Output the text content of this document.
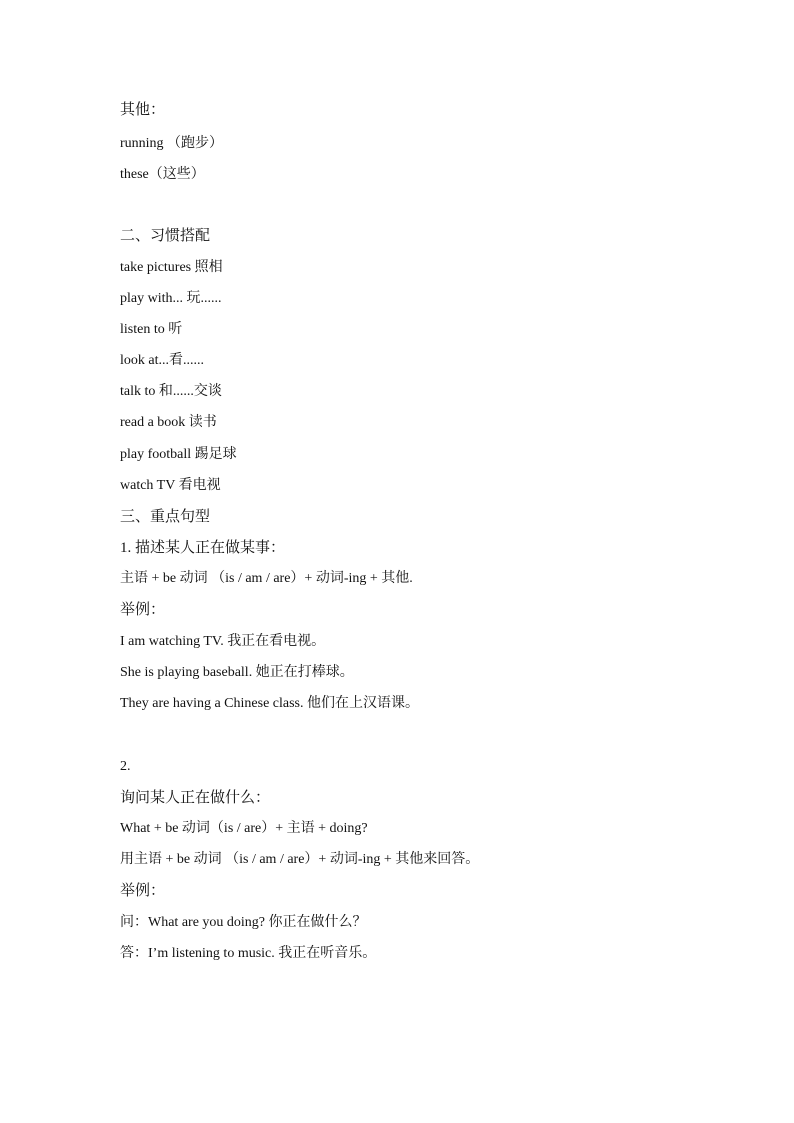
其他：
running （跑步）
these（这些）
二、习惯搭配
take pictures 照相
play with... 玩......
listen to 听
look at...看......
talk to 和......交谈
read a book 读书
play football 踢足球
watch TV 看电视
三、重点句型
1. 描述某人正在做某事：
主语 + be 动词 （is / am / are）+ 动词-ing + 其他.
举例：
I am watching TV. 我正在看电视。
She is playing baseball. 她正在打棒球。
They are having a Chinese class. 他们在上汉语课。
2.
询问某人正在做什么：
What + be 动词（is / are）+ 主语 + doing?
用主语 + be 动词 （is / am / are）+ 动词-ing + 其他来回答。
举例：
问：What are you doing? 你正在做什么？
答：I’m listening to music. 我正在听音乐。
